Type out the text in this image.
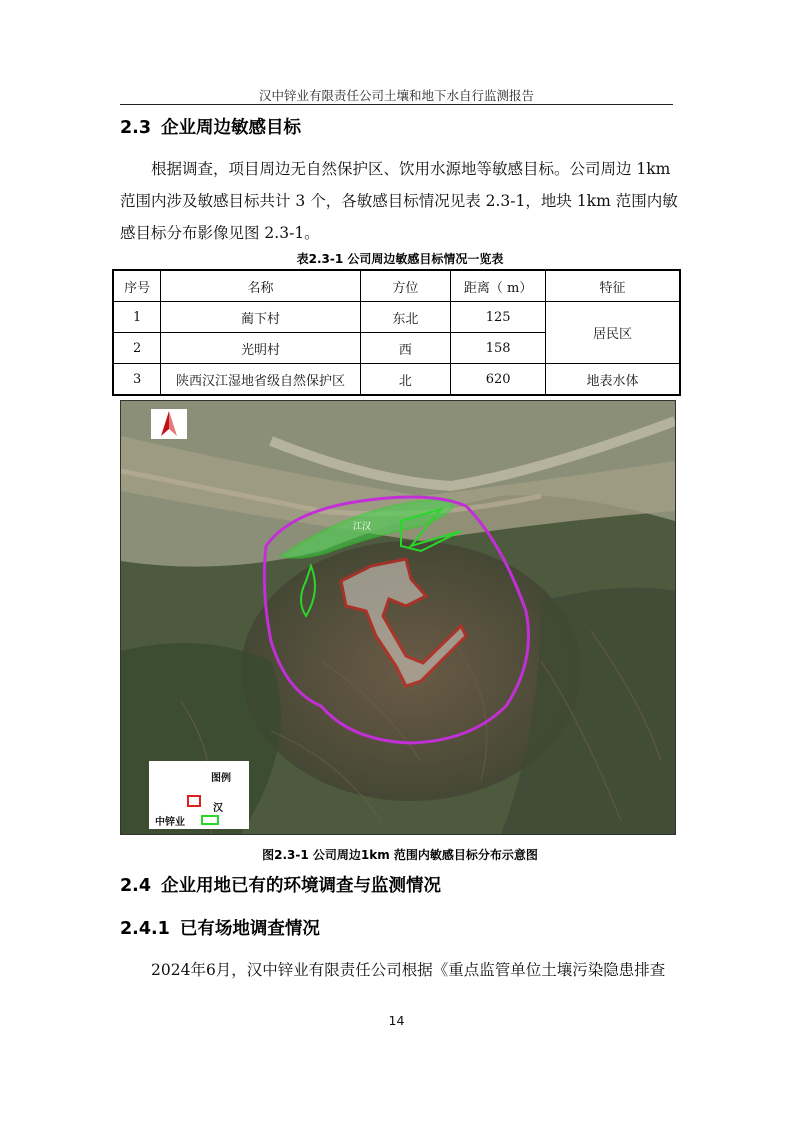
汉中锌业有限责任公司土壤和地下水自行监测报告
2.3 企业周边敏感目标
根据调查，项目周边无自然保护区、饮用水源地等敏感目标。公司周边 1km
范围内涉及敏感目标共计 3 个，各敏感目标情况见表 2.3-1，地块 1km 范围内敏
感目标分布影像见图 2.3-1。
表2.3-1 公司周边敏感目标情况一览表
序号	名称	方位	距离（ m）	特征
1	蔺下村	东北	125	居民区
2	光明村	西	158	
3	陕西汉江湿地省级自然保护区	北	620	地表水体
江汉
图例
汉
中锌业
图2.3-1 公司周边1km 范围内敏感目标分布示意图
2.4 企业用地已有的环境调查与监测情况
2.4.1 已有场地调查情况
2024年6月，汉中锌业有限责任公司根据《重点监管单位土壤污染隐患排查
14
